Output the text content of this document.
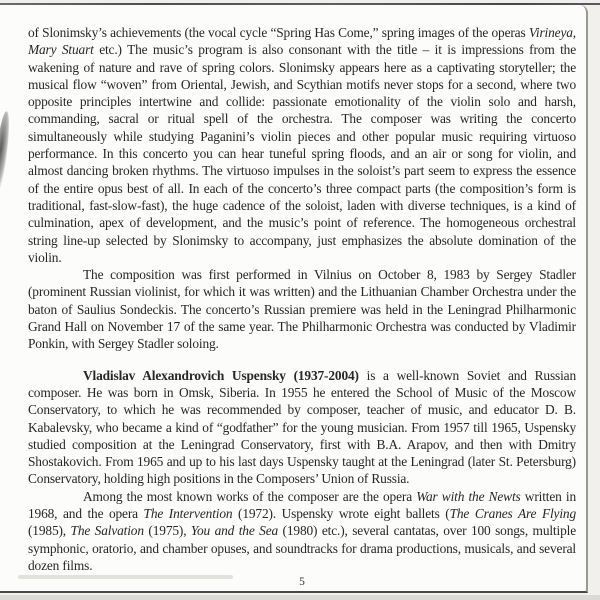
of Slonimsky’s achievements (the vocal cycle “Spring Has Come,” spring images of the operas Virineya, Mary Stuart etc.) The music’s program is also consonant with the title – it is impressions from the wakening of nature and rave of spring colors. Slonimsky appears here as a captivating storyteller; the musical flow “woven” from Oriental, Jewish, and Scythian motifs never stops for a second, where two opposite principles intertwine and collide: passionate emotionality of the violin solo and harsh, commanding, sacral or ritual spell of the orchestra. The composer was writing the concerto simultaneously while studying Paganini’s violin pieces and other popular music requiring virtuoso performance. In this concerto you can hear tuneful spring floods, and an air or song for violin, and almost dancing broken rhythms. The virtuoso impulses in the soloist’s part seem to express the essence of the entire opus best of all. In each of the concerto’s three compact parts (the composition’s form is traditional, fast-slow-fast), the huge cadence of the soloist, laden with diverse techniques, is a kind of culmination, apex of development, and the music’s point of reference. The homogeneous orchestral string line-up selected by Slonimsky to accompany, just emphasizes the absolute domination of the violin.

The composition was first performed in Vilnius on October 8, 1983 by Sergey Stadler (prominent Russian violinist, for which it was written) and the Lithuanian Chamber Orchestra under the baton of Saulius Sondeckis. The concerto’s Russian premiere was held in the Leningrad Philharmonic Grand Hall on November 17 of the same year. The Philharmonic Orchestra was conducted by Vladimir Ponkin, with Sergey Stadler soloing.

Vladislav Alexandrovich Uspensky (1937-2004) is a well-known Soviet and Russian composer. He was born in Omsk, Siberia. In 1955 he entered the School of Music of the Moscow Conservatory, to which he was recommended by composer, teacher of music, and educator D. B. Kabalevsky, who became a kind of “godfather” for the young musician. From 1957 till 1965, Uspensky studied composition at the Leningrad Conservatory, first with B.A. Arapov, and then with Dmitry Shostakovich. From 1965 and up to his last days Uspensky taught at the Leningrad (later St. Petersburg) Conservatory, holding high positions in the Composers’ Union of Russia.

Among the most known works of the composer are the opera War with the Newts written in 1968, and the opera The Intervention (1972). Uspensky wrote eight ballets (The Cranes Are Flying (1985), The Salvation (1975), You and the Sea (1980) etc.), several cantatas, over 100 songs, multiple symphonic, oratorio, and chamber opuses, and soundtracks for drama productions, musicals, and several dozen films.

5
